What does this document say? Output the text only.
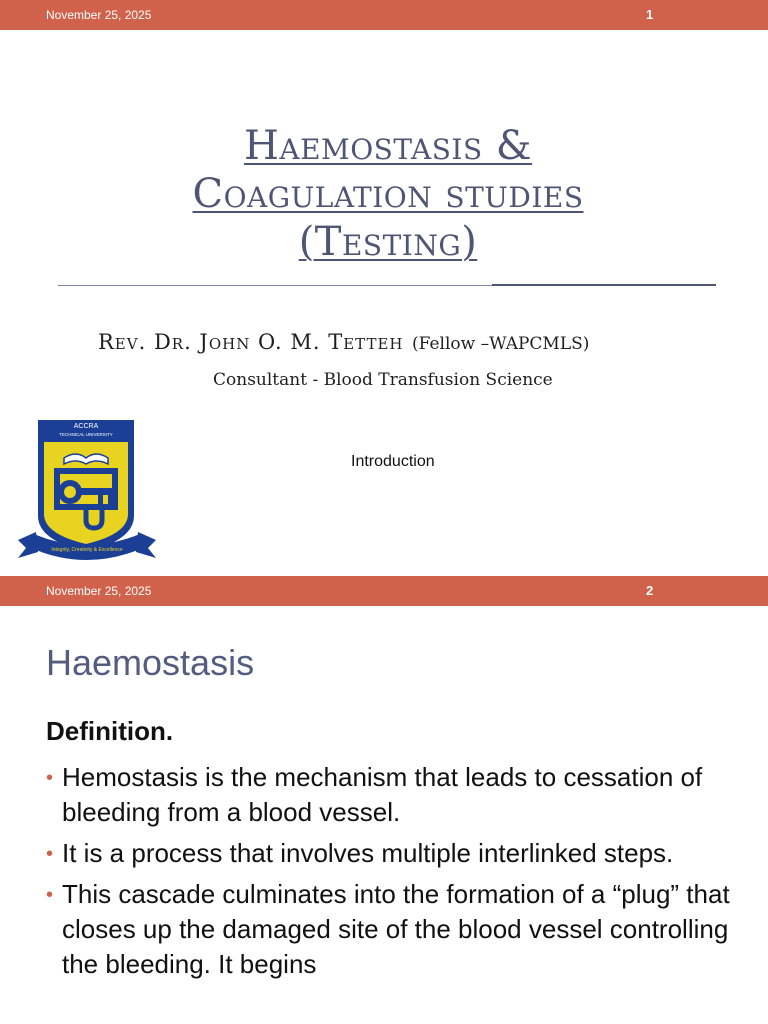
November 25, 2025	1
Haemostasis &
Coagulation studies
(Testing)
Rev. Dr. John O. M. Tetteh (Fellow –WAPCMLS)
Consultant - Blood Transfusion Science
Introduction
ACCRA
TECHNICAL UNIVERSITY
Integrity, Creativity & Excellence
November 25, 2025	2
Haemostasis
Definition.
• Hemostasis is the mechanism that leads to cessation of bleeding from a blood vessel.
• It is a process that involves multiple interlinked steps.
• This cascade culminates into the formation of a “plug” that closes up the damaged site of the blood vessel controlling the bleeding. It begins
